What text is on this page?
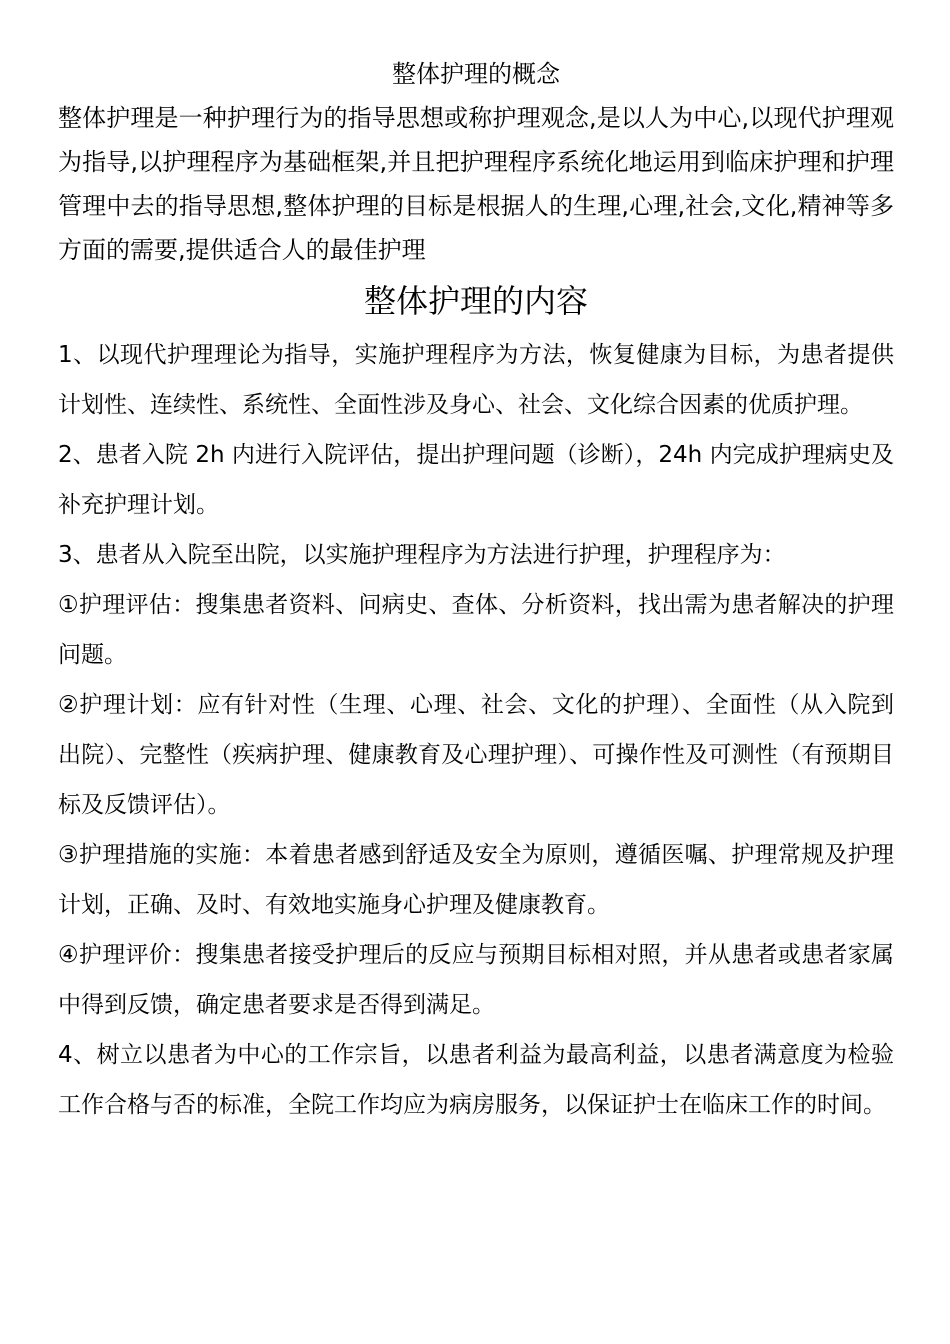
整体护理的概念

整体护理是一种护理行为的指导思想或称护理观念,是以人为中心,以现代护理观为指导,以护理程序为基础框架,并且把护理程序系统化地运用到临床护理和护理管理中去的指导思想,整体护理的目标是根据人的生理,心理,社会,文化,精神等多方面的需要,提供适合人的最佳护理

整体护理的内容

1、以现代护理理论为指导，实施护理程序为方法，恢复健康为目标，为患者提供计划性、连续性、系统性、全面性涉及身心、社会、文化综合因素的优质护理。

2、患者入院 2h 内进行入院评估，提出护理问题（诊断），24h 内完成护理病史及补充护理计划。

3、患者从入院至出院，以实施护理程序为方法进行护理，护理程序为：

①护理评估：搜集患者资料、问病史、查体、分析资料，找出需为患者解决的护理问题。

②护理计划：应有针对性（生理、心理、社会、文化的护理）、全面性（从入院到出院）、完整性（疾病护理、健康教育及心理护理）、可操作性及可测性（有预期目标及反馈评估）。

③护理措施的实施：本着患者感到舒适及安全为原则，遵循医嘱、护理常规及护理计划，正确、及时、有效地实施身心护理及健康教育。

④护理评价：搜集患者接受护理后的反应与预期目标相对照，并从患者或患者家属中得到反馈，确定患者要求是否得到满足。

4、树立以患者为中心的工作宗旨，以患者利益为最高利益，以患者满意度为检验工作合格与否的标准，全院工作均应为病房服务，以保证护士在临床工作的时间。
